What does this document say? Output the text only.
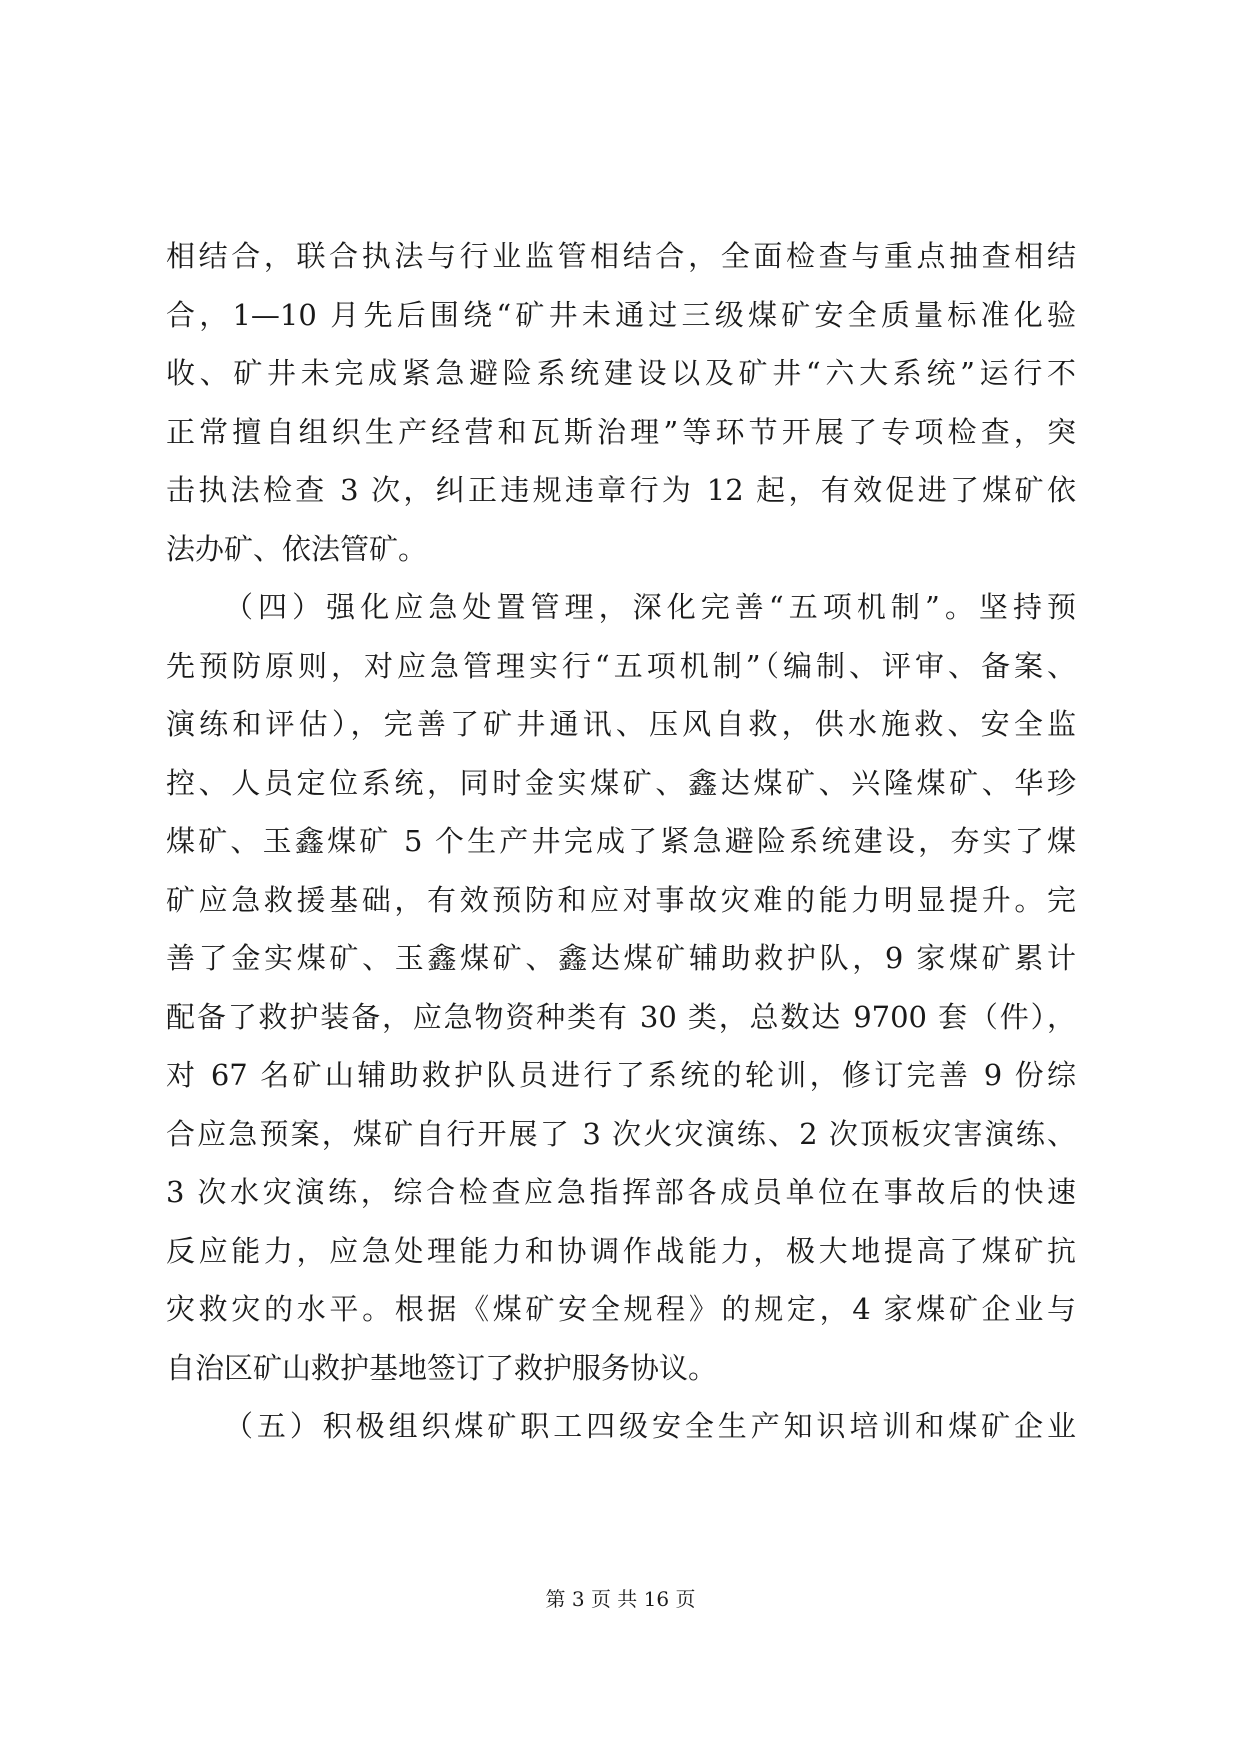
相结合，联合执法与行业监管相结合，全面检查与重点抽查相结
合，1—10 月先后围绕“矿井未通过三级煤矿安全质量标准化验
收、矿井未完成紧急避险系统建设以及矿井“六大系统”运行不
正常擅自组织生产经营和瓦斯治理”等环节开展了专项检查，突
击执法检查 3 次，纠正违规违章行为 12 起，有效促进了煤矿依
法办矿、依法管矿。
（四）强化应急处置管理，深化完善“五项机制”。坚持预
先预防原则，对应急管理实行“五项机制”（编制、评审、备案、
演练和评估），完善了矿井通讯、压风自救，供水施救、安全监
控、人员定位系统，同时金实煤矿、鑫达煤矿、兴隆煤矿、华珍
煤矿、玉鑫煤矿 5 个生产井完成了紧急避险系统建设，夯实了煤
矿应急救援基础，有效预防和应对事故灾难的能力明显提升。完
善了金实煤矿、玉鑫煤矿、鑫达煤矿辅助救护队，9 家煤矿累计
配备了救护装备，应急物资种类有 30 类，总数达 9700 套（件），
对 67 名矿山辅助救护队员进行了系统的轮训，修订完善 9 份综
合应急预案，煤矿自行开展了 3 次火灾演练、2 次顶板灾害演练、
3 次水灾演练，综合检查应急指挥部各成员单位在事故后的快速
反应能力，应急处理能力和协调作战能力，极大地提高了煤矿抗
灾救灾的水平。根据《煤矿安全规程》的规定，4 家煤矿企业与
自治区矿山救护基地签订了救护服务协议。
（五）积极组织煤矿职工四级安全生产知识培训和煤矿企业
第 3 页 共 16 页
